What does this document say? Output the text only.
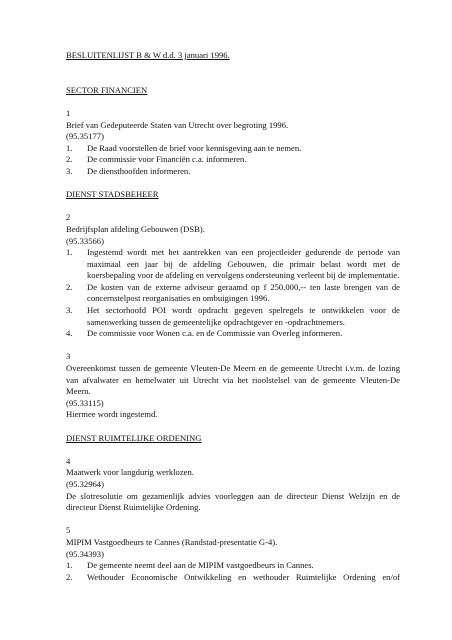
BESLUITENLIJST B & W d.d. 3 januari 1996.
SECTOR FINANCIEN
1
Brief van Gedeputeerde Staten van Utrecht over begroting 1996.
(95.35177)
1.	De Raad voorstellen de brief voor kennisgeving aan te nemen.
2.	De commissie voor Financiën c.a. informeren.
3.	De diensthoofden informeren.
DIENST STADSBEHEER
2
Bedrijfsplan afdeling Gebouwen (DSB).
(95.33566)
1.	Ingestemd wordt met het aantrekken van een projectleider gedurende de periode van maximaal een jaar bij de afdeling Gebouwen, die primair belast wordt met de koersbepaling voor de afdeling en vervolgens ondersteuning verleent bij de implementatie.
2.	De kosten van de externe adviseur geraamd op f 250.000,-- ten laste brengen van de concernstelpost reorganisaties en ombuigingen 1996.
3.	Het sectorhoofd POI wordt opdracht gegeven spelregels te ontwikkelen voor de samenwerking tussen de gemeentelijke opdrachtgever en -opdrachtnemers.
4.	De commissie voor Wonen c.a. en de Commissie van Overleg informeren.
3
Overeenkomst tussen de gemeente Vleuten-De Meern en de gemeente Utrecht i.v.m. de lozing van afvalwater en hemelwater uit Utrecht via het rioolstelsel van de gemeente Vleuten-De Meern.
(95.33115)
Hiermee wordt ingestemd.
DIENST RUIMTELIJKE ORDENING
4
Maatwerk voor langdurig werklozen.
(95.32964)
De slotresolutie om gezamenlijk advies voorleggen aan de directeur Dienst Welzijn en de directeur Dienst Ruimtelijke Ordening.
5
MIPIM Vastgoedbeurs te Cannes (Randstad-presentatie G-4).
(95.34393)
1.	De gemeente neemt deel aan de MIPIM vastgoedbeurs in Cannes.
2.	Wethouder Economische Ontwikkeling en wethouder Ruimtelijke Ordening en/of
